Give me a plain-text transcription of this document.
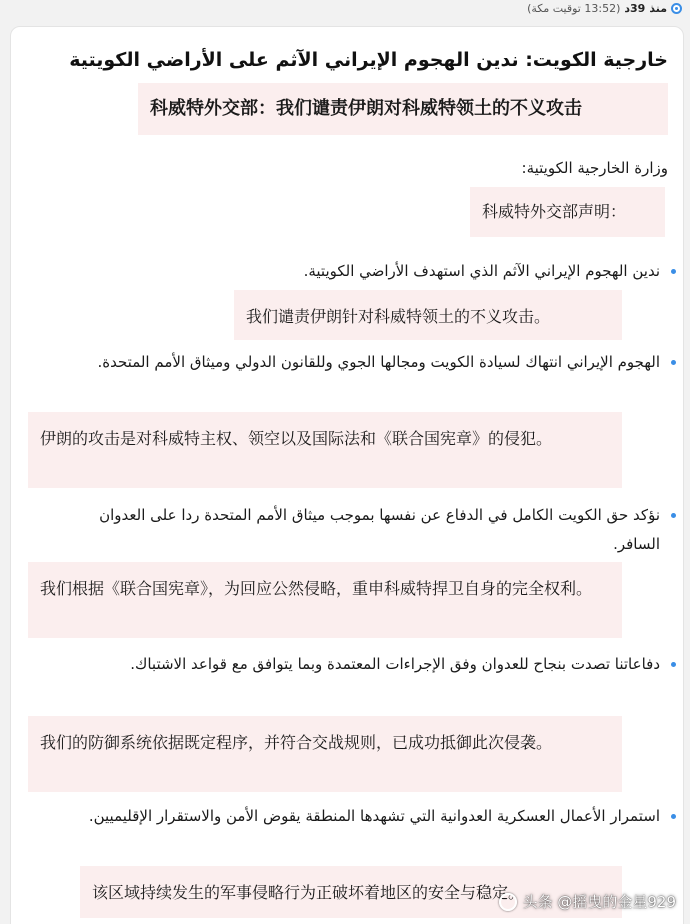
منذ
39د
(13:52 توقيت مكة)
خارجية الكويت: ندين الهجوم الإيراني الآثم على الأراضي الكويتية
科威特外交部：我们谴责伊朗对科威特领土的不义攻击
وزارة الخارجية الكويتية:
科威特外交部声明：
ندين الهجوم الإيراني الآثم الذي استهدف الأراضي الكويتية.
我们谴责伊朗针对科威特领土的不义攻击。
الهجوم الإيراني انتهاك لسيادة الكويت ومجالها الجوي وللقانون الدولي وميثاق الأمم المتحدة.
伊朗的攻击是对科威特主权、领空以及国际法和《联合国宪章》的侵犯。
نؤكد حق الكويت الكامل في الدفاع عن نفسها بموجب ميثاق الأمم المتحدة ردا على العدوان السافر.
我们根据《联合国宪章》，为回应公然侵略，重申科威特捍卫自身的完全权利。
دفاعاتنا تصدت بنجاح للعدوان وفق الإجراءات المعتمدة وبما يتوافق مع قواعد الاشتباك.
我们的防御系统依据既定程序，并符合交战规则，已成功抵御此次侵袭。
استمرار الأعمال العسكرية العدوانية التي تشهدها المنطقة يقوض الأمن والاستقرار الإقليميين.
该区域持续发生的军事侵略行为正破坏着地区的安全与稳定。
头条 @摇曳的金星929
